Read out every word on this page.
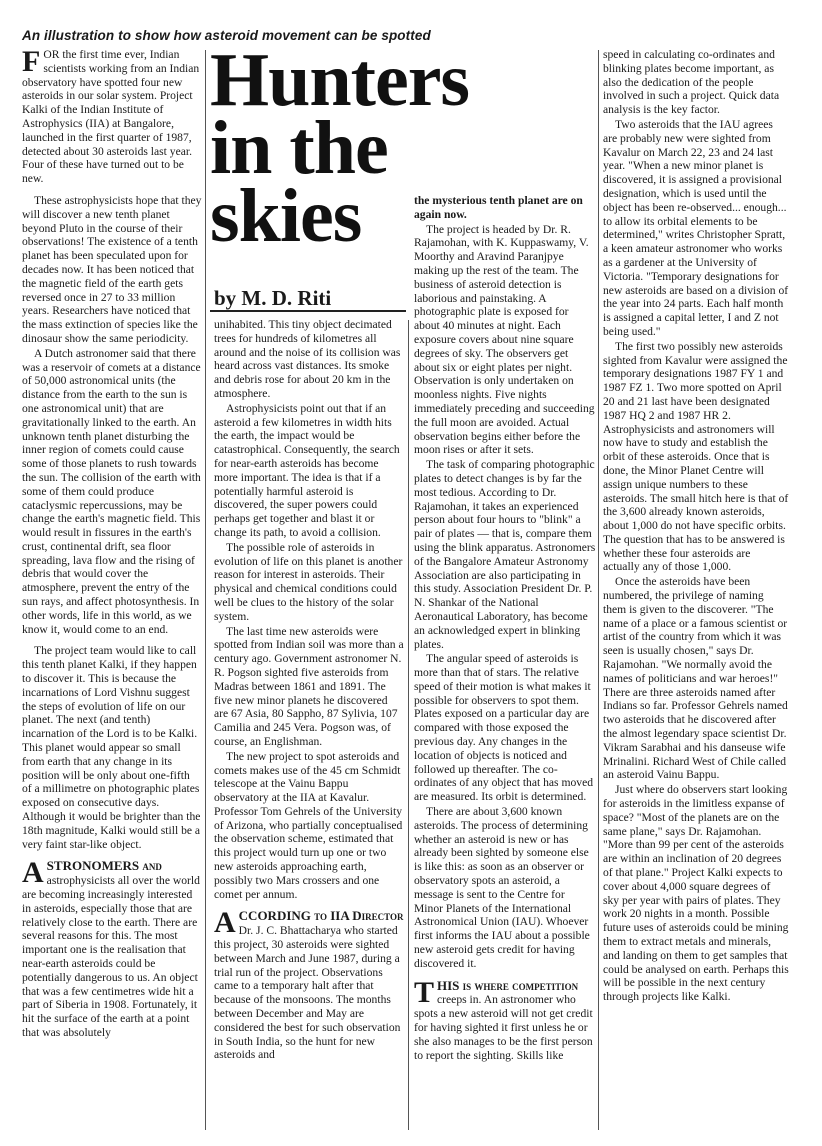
An illustration to show how asteroid movement can be spotted
Hunters in the skies
by M. D. Riti

FOR the first time ever, Indian scientists working from an Indian observatory have spotted four new asteroids in our solar system. Project Kalki of the Indian Institute of Astrophysics (IIA) at Bangalore, launched in the first quarter of 1987, detected about 30 asteroids last year. Four of these have turned out to be new.

These astrophysicists hope that they will discover a new tenth planet beyond Pluto in the course of their observations! The existence of a tenth planet has been speculated upon for decades now. It has been noticed that the magnetic field of the earth gets reversed once in 27 to 33 million years. Researchers have noticed that the mass extinction of species like the dinosaur show the same periodicity.

A Dutch astronomer said that there was a reservoir of comets at a distance of 50,000 astronomical units (the distance from the earth to the sun is one astronomical unit) that are gravitationally linked to the earth. An unknown tenth planet disturbing the inner region of comets could cause some of those planets to rush towards the sun. The collision of the earth with some of them could produce cataclysmic repercussions, may be change the earth's magnetic field. This would result in fissures in the earth's crust, continental drift, sea floor spreading, lava flow and the rising of debris that would cover the atmosphere, prevent the entry of the sun rays, and affect photosynthesis. In other words, life in this world, as we know it, would come to an end.

The project team would like to call this tenth planet Kalki, if they happen to discover it. This is because the incarnations of Lord Vishnu suggest the steps of evolution of life on our planet. The next (and tenth) incarnation of the Lord is to be Kalki. This planet would appear so small from earth that any change in its position will be only about one-fifth of a millimetre on photographic plates exposed on consecutive days. Although it would be brighter than the 18th magnitude, Kalki would still be a very faint star-like object.

ASTRONOMERS and astrophysicists all over the world are becoming increasingly interested in asteroids, especially those that are relatively close to the earth. There are several reasons for this. The most important one is the realisation that near-earth asteroids could be potentially dangerous to us. An object that was a few centimetres wide hit a part of Siberia in 1908. Fortunately, it hit the surface of the earth at a point that was absolutely

unihabited. This tiny object decimated trees for hundreds of kilometres all around and the noise of its collision was heard across vast distances. Its smoke and debris rose for about 20 km in the atmosphere.

Astrophysicists point out that if an asteroid a few kilometres in width hits the earth, the impact would be catastrophical. Consequently, the search for near-earth asteroids has become more important. The idea is that if a potentially harmful asteroid is discovered, the super powers could perhaps get together and blast it or change its path, to avoid a collision.

The possible role of asteroids in evolution of life on this planet is another reason for interest in asteroids. Their physical and chemical conditions could well be clues to the history of the solar system.

The last time new asteroids were spotted from Indian soil was more than a century ago. Government astronomer N. R. Pogson sighted five asteroids from Madras between 1861 and 1891. The five new minor planets he discovered are 67 Asia, 80 Sappho, 87 Sylivia, 107 Camilia and 245 Vera. Pogson was, of course, an Englishman.

The new project to spot asteroids and comets makes use of the 45 cm Schmidt telescope at the Vainu Bappu observatory at the IIA at Kavalur. Professor Tom Gehrels of the University of Arizona, who partially conceptualised the observation scheme, estimated that this project would turn up one or two new asteroids approaching earth, possibly two Mars crossers and one comet per annum.

ACCORDING to IIA Director Dr. J. C. Bhattacharya who started this project, 30 asteroids were sighted between March and June 1987, during a trial run of the project. Observations came to a temporary halt after that because of the monsoons. The months between December and May are considered the best for such observation in South India, so the hunt for new asteroids and

the mysterious tenth planet are on again now.

The project is headed by Dr. R. Rajamohan, with K. Kuppaswamy, V. Moorthy and Aravind Paranjpye making up the rest of the team. The business of asteroid detection is laborious and painstaking. A photographic plate is exposed for about 40 minutes at night. Each exposure covers about nine square degrees of sky. The observers get about six or eight plates per night. Observation is only undertaken on moonless nights. Five nights immediately preceding and succeeding the full moon are avoided. Actual observation begins either before the moon rises or after it sets.

The task of comparing photographic plates to detect changes is by far the most tedious. According to Dr. Rajamohan, it takes an experienced person about four hours to "blink" a pair of plates — that is, compare them using the blink apparatus. Astronomers of the Bangalore Amateur Astronomy Association are also participating in this study. Association President Dr. P. N. Shankar of the National Aeronautical Laboratory, has become an acknowledged expert in blinking plates.

The angular speed of asteroids is more than that of stars. The relative speed of their motion is what makes it possible for observers to spot them. Plates exposed on a particular day are compared with those exposed the previous day. Any changes in the location of objects is noticed and followed up thereafter. The co-ordinates of any object that has moved are measured. Its orbit is determined.

There are about 3,600 known asteroids. The process of determining whether an asteroid is new or has already been sighted by someone else is like this: as soon as an observer or observatory spots an asteroid, a message is sent to the Centre for Minor Planets of the International Astronomical Union (IAU). Whoever first informs the IAU about a possible new asteroid gets credit for having discovered it.

THIS is where competition creeps in. An astronomer who spots a new asteroid will not get credit for having sighted it first unless he or she also manages to be the first person to report the sighting. Skills like

speed in calculating co-ordinates and blinking plates become important, as also the dedication of the people involved in such a project. Quick data analysis is the key factor.

Two asteroids that the IAU agrees are probably new were sighted from Kavalur on March 22, 23 and 24 last year. "When a new minor planet is discovered, it is assigned a provisional designation, which is used until the object has been re-observed... enough... to allow its orbital elements to be determined," writes Christopher Spratt, a keen amateur astronomer who works as a gardener at the University of Victoria. "Temporary designations for new asteroids are based on a division of the year into 24 parts. Each half month is assigned a capital letter, I and Z not being used."

The first two possibly new asteroids sighted from Kavalur were assigned the temporary designations 1987 FY 1 and 1987 FZ 1. Two more spotted on April 20 and 21 last have been designated 1987 HQ 2 and 1987 HR 2. Astrophysicists and astronomers will now have to study and establish the orbit of these asteroids. Once that is done, the Minor Planet Centre will assign unique numbers to these asteroids. The small hitch here is that of the 3,600 already known asteroids, about 1,000 do not have specific orbits. The question that has to be answered is whether these four asteroids are actually any of those 1,000.

Once the asteroids have been numbered, the privilege of naming them is given to the discoverer. "The name of a place or a famous scientist or artist of the country from which it was seen is usually chosen," says Dr. Rajamohan. "We normally avoid the names of politicians and war heroes!" There are three asteroids named after Indians so far. Professor Gehrels named two asteroids that he discovered after the almost legendary space scientist Dr. Vikram Sarabhai and his danseuse wife Mrinalini. Richard West of Chile called an asteroid Vainu Bappu.

Just where do observers start looking for asteroids in the limitless expanse of space? "Most of the planets are on the same plane," says Dr. Rajamohan. "More than 99 per cent of the asteroids are within an inclination of 20 degrees of that plane." Project Kalki expects to cover about 4,000 square degrees of sky per year with pairs of plates. They work 20 nights in a month. Possible future uses of asteroids could be mining them to extract metals and minerals, and landing on them to get samples that could be analysed on earth. Perhaps this will be possible in the next century through projects like Kalki.
